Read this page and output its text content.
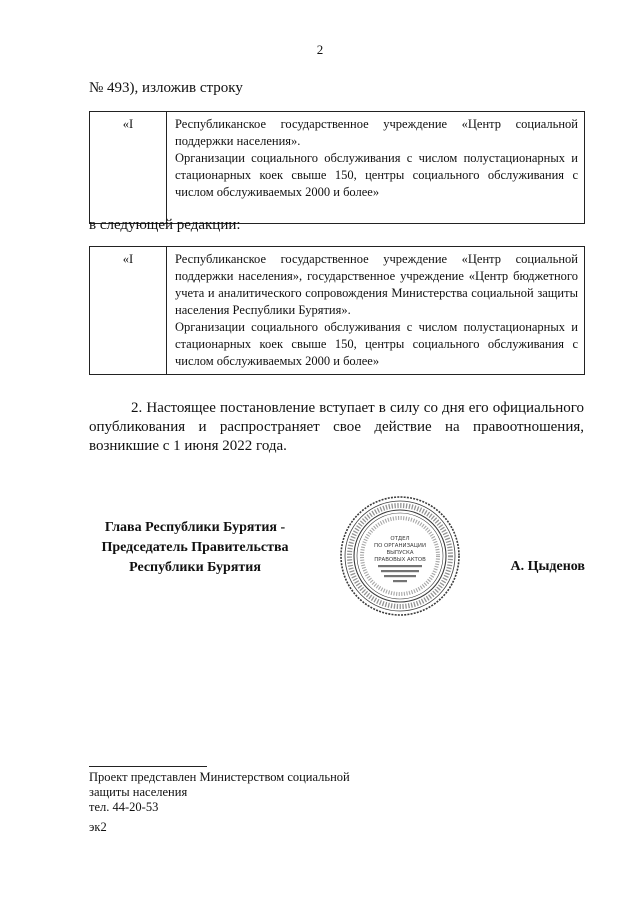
2
№ 493), изложив строку
«I	Республиканское государственное учреждение «Центр социальной поддержки населения».

Организации социального обслуживания с числом полустационарных и стационарных коек свыше 150, центры социального обслуживания с числом обслуживаемых 2000 и более»

в следующей редакции:
«I	Республиканское государственное учреждение «Центр социальной поддержки населения», государственное учреждение «Центр бюджетного учета и аналитического сопровождения Министерства социальной защиты населения Республики Бурятия».

Организации социального обслуживания с числом полустационарных и стационарных коек свыше 150, центры социального обслуживания с числом обслуживаемых 2000 и более»

2. Настоящее постановление вступает в силу со дня его официального опубликования и распространяет свое действие на правоотношения, возникшие с 1 июня 2022 года.
Глава Республики Бурятия -
Председатель Правительства
Республики Бурятия
ОТДЕЛ
ПО ОРГАНИЗАЦИИ
ВЫПУСКА
ПРАВОВЫХ АКТОВ	А. Цыденов
Проект представлен Министерством социальной
защиты населения
тел. 44-20-53
эк2
